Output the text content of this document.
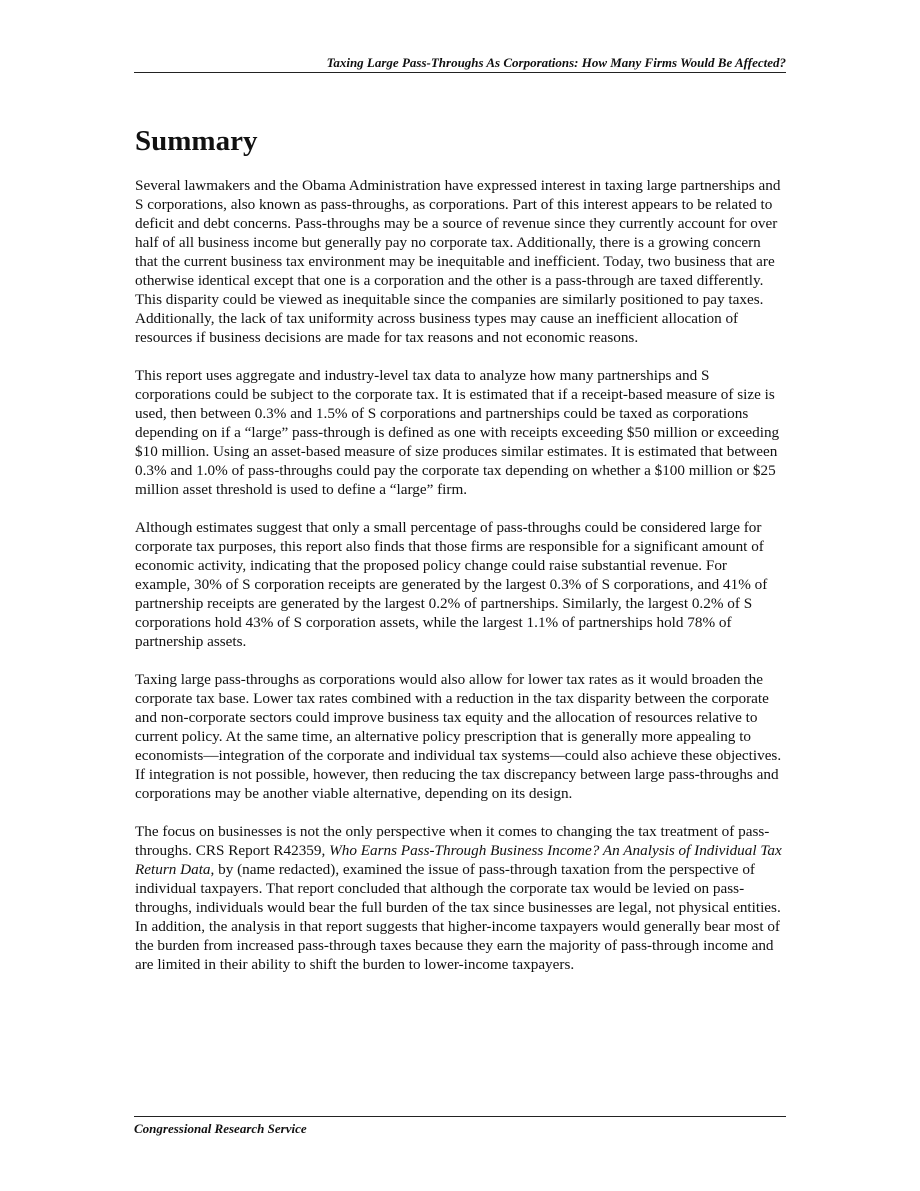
Taxing Large Pass-Throughs As Corporations: How Many Firms Would Be Affected?
Summary

Several lawmakers and the Obama Administration have expressed interest in taxing large partnerships and S corporations, also known as pass-throughs, as corporations. Part of this interest appears to be related to deficit and debt concerns. Pass-throughs may be a source of revenue since they currently account for over half of all business income but generally pay no corporate tax. Additionally, there is a growing concern that the current business tax environment may be inequitable and inefficient. Today, two business that are otherwise identical except that one is a corporation and the other is a pass-through are taxed differently. This disparity could be viewed as inequitable since the companies are similarly positioned to pay taxes. Additionally, the lack of tax uniformity across business types may cause an inefficient allocation of resources if business decisions are made for tax reasons and not economic reasons.

This report uses aggregate and industry-level tax data to analyze how many partnerships and S corporations could be subject to the corporate tax. It is estimated that if a receipt-based measure of size is used, then between 0.3% and 1.5% of S corporations and partnerships could be taxed as corporations depending on if a “large” pass-through is defined as one with receipts exceeding $50 million or exceeding $10 million. Using an asset-based measure of size produces similar estimates. It is estimated that between 0.3% and 1.0% of pass-throughs could pay the corporate tax depending on whether a $100 million or $25 million asset threshold is used to define a “large” firm.

Although estimates suggest that only a small percentage of pass-throughs could be considered large for corporate tax purposes, this report also finds that those firms are responsible for a significant amount of economic activity, indicating that the proposed policy change could raise substantial revenue. For example, 30% of S corporation receipts are generated by the largest 0.3% of S corporations, and 41% of partnership receipts are generated by the largest 0.2% of partnerships. Similarly, the largest 0.2% of S corporations hold 43% of S corporation assets, while the largest 1.1% of partnerships hold 78% of partnership assets.

Taxing large pass-throughs as corporations would also allow for lower tax rates as it would broaden the corporate tax base. Lower tax rates combined with a reduction in the tax disparity between the corporate and non-corporate sectors could improve business tax equity and the allocation of resources relative to current policy. At the same time, an alternative policy prescription that is generally more appealing to economists—integration of the corporate and individual tax systems—could also achieve these objectives. If integration is not possible, however, then reducing the tax discrepancy between large pass-throughs and corporations may be another viable alternative, depending on its design.

The focus on businesses is not the only perspective when it comes to changing the tax treatment of pass-throughs. CRS Report R42359, Who Earns Pass-Through Business Income? An Analysis of Individual Tax Return Data, by (name redacted), examined the issue of pass-through taxation from the perspective of individual taxpayers. That report concluded that although the corporate tax would be levied on pass-throughs, individuals would bear the full burden of the tax since businesses are legal, not physical entities. In addition, the analysis in that report suggests that higher-income taxpayers would generally bear most of the burden from increased pass-through taxes because they earn the majority of pass-through income and are limited in their ability to shift the burden to lower-income taxpayers.

Congressional Research Service
